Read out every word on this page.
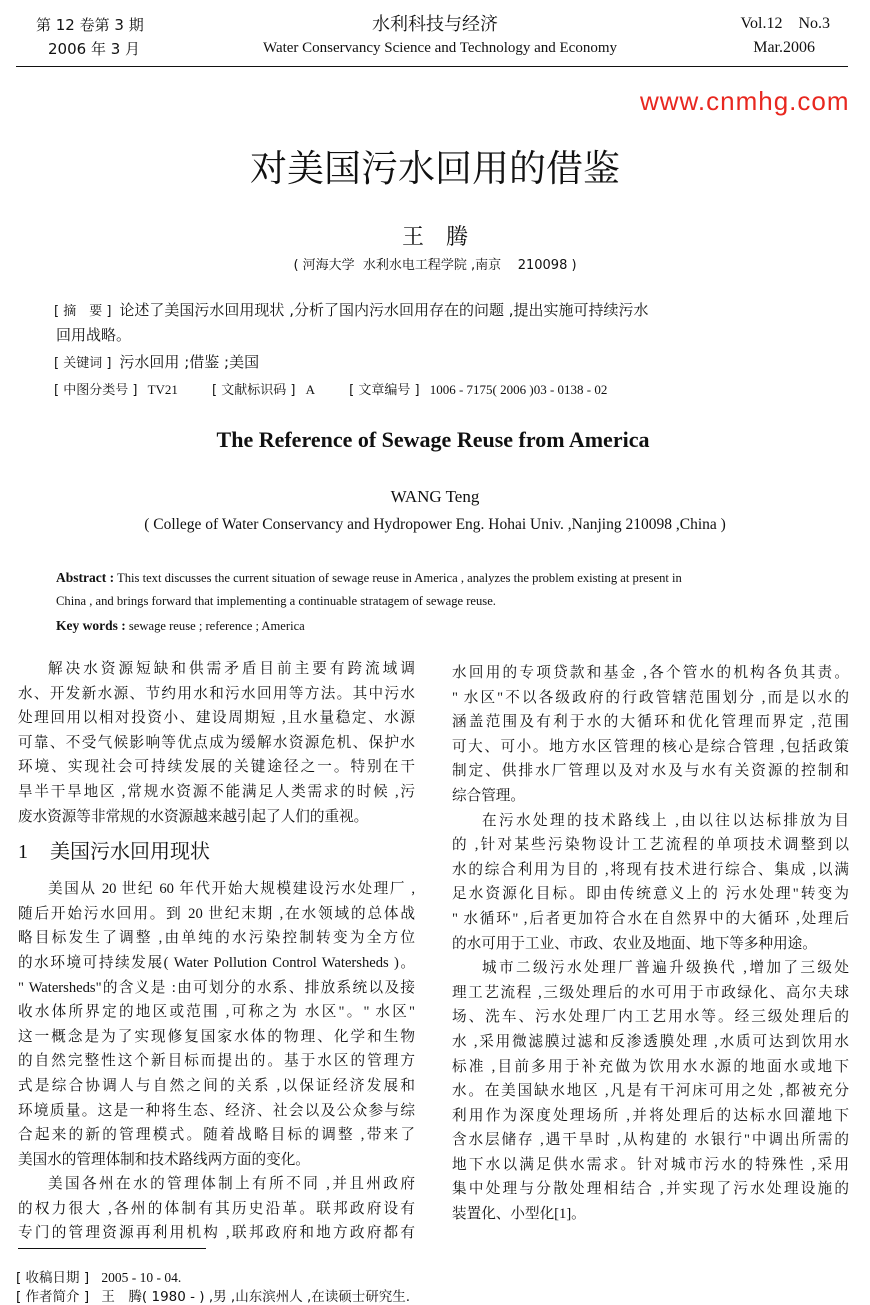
第 12 卷第 3 期
2006 年 3 月
水利科技与经济
Water Conservancy Science and Technology and Economy
Vol.12    No.3
Mar.2006
对美国污水回用的借鉴
王　腾
( 河海大学  水利水电工程学院 ,南京    210098 )
[ 摘　要 ] 论述了美国污水回用现状 ,分析了国内污水回用存在的问题 ,提出实施可持续污水
回用战略。
[ 关键词 ] 污水回用 ;借鉴 ;美国
[ 中图分类号 ] TV21	[ 文献标识码 ] A	[ 文章编号 ] 1006 - 7175( 2006 )03 - 0138 - 02
The Reference of Sewage Reuse from America
WANG Teng
( College of Water Conservancy and Hydropower Eng. Hohai Univ. ,Nanjing 210098 ,China )
Abstract : This text discusses the current situation of sewage reuse in America , analyzes the problem existing at present in
China , and brings forward that implementing a continuable stratagem of sewage reuse.
Key words : sewage reuse ; reference ; America
解决水资源短缺和供需矛盾目前主要有跨流域调
水、开发新水源、节约用水和污水回用等方法。其中污水
处理回用以相对投资小、建设周期短 ,且水量稳定、水源
可靠、不受气候影响等优点成为缓解水资源危机、保护水
环境、实现社会可持续发展的关键途径之一。特别在干
旱半干旱地区 ,常规水资源不能满足人类需求的时候 ,污
废水资源等非常规的水资源越来越引起了人们的重视。
1 美国污水回用现状
美国从 20 世纪 60 年代开始大规模建设污水处理厂 ,
随后开始污水回用。到 20 世纪末期 ,在水领域的总体战
略目标发生了调整 ,由单纯的水污染控制转变为全方位
的水环境可持续发展( Water Pollution Control Watersheds )。
" Watersheds"的含义是 :由可划分的水系、排放系统以及接
收水体所界定的地区或范围 ,可称之为 水区"。" 水区"
这一概念是为了实现修复国家水体的物理、化学和生物
的自然完整性这个新目标而提出的。基于水区的管理方
式是综合协调人与自然之间的关系 ,以保证经济发展和
环境质量。这是一种将生态、经济、社会以及公众参与综
合起来的新的管理模式。随着战略目标的调整 ,带来了
美国水的管理体制和技术路线两方面的变化。
美国各州在水的管理体制上有所不同 ,并且州政府
的权力很大 ,各州的体制有其历史沿革。联邦政府设有
专门的管理资源再利用机构 ,联邦政府和地方政府都有
水回用的专项贷款和基金 ,各个管水的机构各负其责。
" 水区"不以各级政府的行政管辖范围划分 ,而是以水的
涵盖范围及有利于水的大循环和优化管理而界定 ,范围
可大、可小。地方水区管理的核心是综合管理 ,包括政策
制定、供排水厂管理以及对水及与水有关资源的控制和
综合管理。
在污水处理的技术路线上 ,由以往以达标排放为目
的 ,针对某些污染物设计工艺流程的单项技术调整到以
水的综合利用为目的 ,将现有技术进行综合、集成 ,以满
足水资源化目标。即由传统意义上的 污水处理"转变为
" 水循环" ,后者更加符合水在自然界中的大循环 ,处理后
的水可用于工业、市政、农业及地面、地下等多种用途。
城市二级污水处理厂普遍升级换代 ,增加了三级处
理工艺流程 ,三级处理后的水可用于市政绿化、高尔夫球
场、洗车、污水处理厂内工艺用水等。经三级处理后的
水 ,采用微滤膜过滤和反渗透膜处理 ,水质可达到饮用水
标准 ,目前多用于补充做为饮用水水源的地面水或地下
水。在美国缺水地区 ,凡是有干河床可用之处 ,都被充分
利用作为深度处理场所 ,并将处理后的达标水回灌地下
含水层储存 ,遇干旱时 ,从构建的 水银行"中调出所需的
地下水以满足供水需求。针对城市污水的特殊性 ,采用
集中处理与分散处理相结合 ,并实现了污水处理设施的
装置化、小型化[1]。
[ 收稿日期 ] 2005 - 10 - 04.
[ 作者简介 ] 王　腾( 1980 - ) ,男 ,山东滨州人 ,在读硕士研究生.
www.cnmhg.com
